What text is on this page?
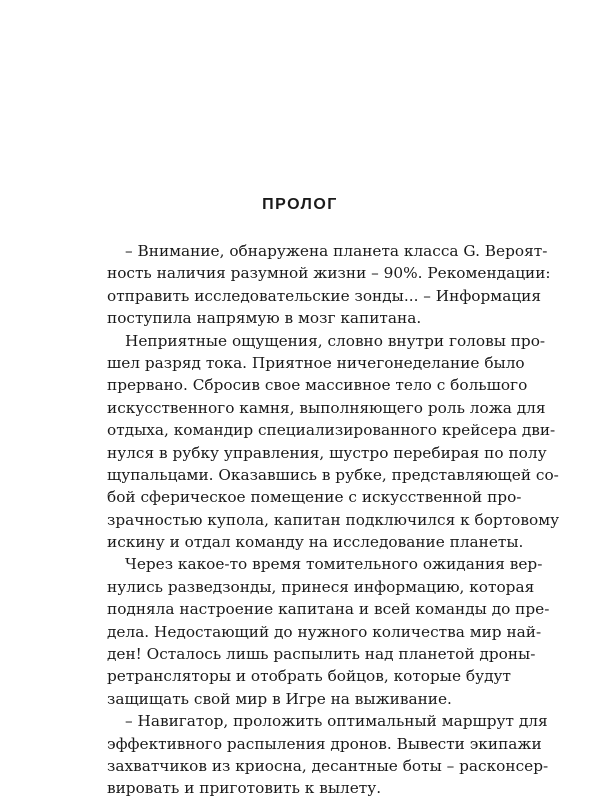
ПРОЛОГ
– Внимание, обнаружена планета класса G. Вероят-
ность наличия разумной жизни – 90%. Рекомендации:
отправить исследовательские зонды... – Информация
поступила напрямую в мозг капитана.
Неприятные ощущения, словно внутри головы про-
шел разряд тока. Приятное ничегонеделание было
прервано. Сбросив свое массивное тело с большого
искусственного камня, выполняющего роль ложа для
отдыха, командир специализированного крейсера дви-
нулся в рубку управления, шустро перебирая по полу
щупальцами. Оказавшись в рубке, представляющей со-
бой сферическое помещение с искусственной про-
зрачностью купола, капитан подключился к бортовому
искину и отдал команду на исследование планеты.
Через какое-то время томительного ожидания вер-
нулись разведзонды, принеся информацию, которая
подняла настроение капитана и всей команды до пре-
дела. Недостающий до нужного количества мир най-
ден! Осталось лишь распылить над планетой дроны-
ретрансляторы и отобрать бойцов, которые будут
защищать свой мир в Игре на выживание.
– Навигатор, проложить оптимальный маршрут для
эффективного распыления дронов. Вывести экипажи
захватчиков из криосна, десантные боты – расконсер-
вировать и приготовить к вылету.
